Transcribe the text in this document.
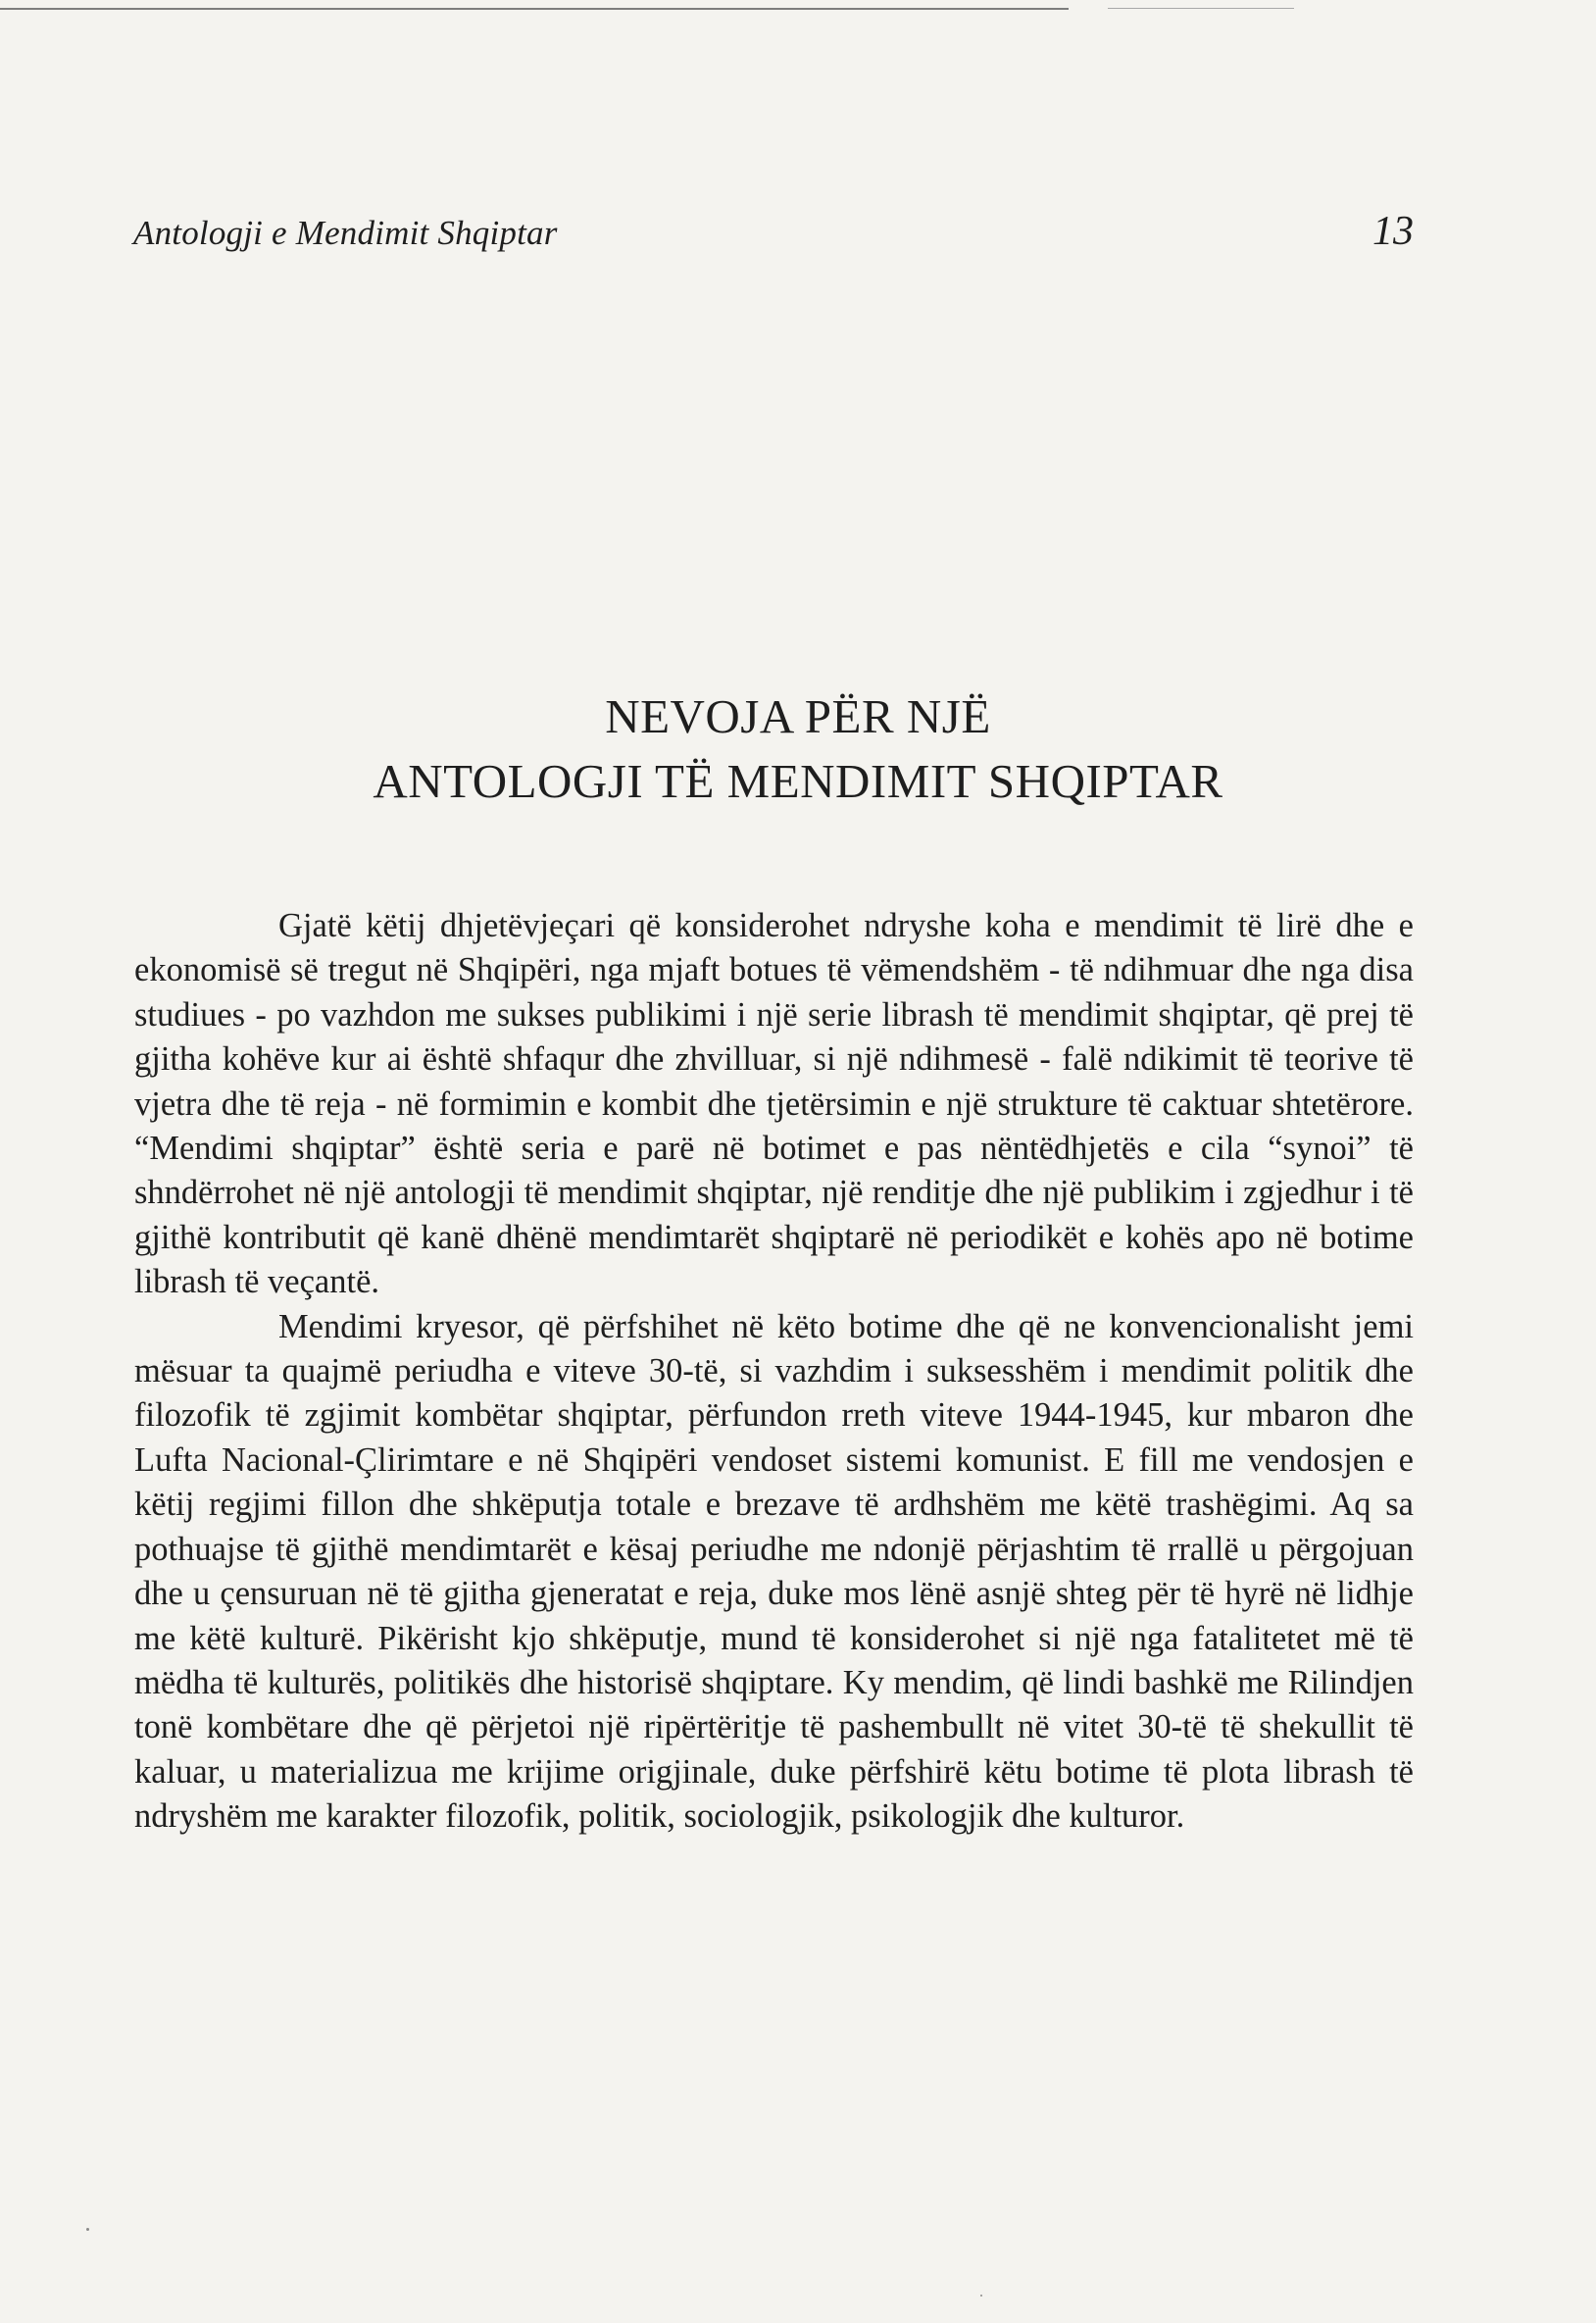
Antologji e Mendimit Shqiptar	13
NEVOJA PËR NJË
ANTOLOGJI TË MENDIMIT SHQIPTAR

Gjatë këtij dhjetëvjeçari që konsiderohet ndryshe koha e mendimit të lirë dhe e ekonomisë së tregut në Shqipëri, nga mjaft botues të vëmendshëm - të ndihmuar dhe nga disa studiues - po vazhdon me sukses publikimi i një serie librash të mendimit shqiptar, që prej të gjitha kohëve kur ai është shfaqur dhe zhvilluar, si një ndihmesë - falë ndikimit të teorive të vjetra dhe të reja - në formimin e kombit dhe tjetërsimin e një strukture të caktuar shtetërore. “Mendimi shqiptar” është seria e parë në botimet e pas nëntëdhjetës e cila “synoi” të shndërrohet në një antologji të mendimit shqiptar, një renditje dhe një publikim i zgjedhur i të gjithë kontributit që kanë dhënë mendimtarët shqiptarë në periodikët e kohës apo në botime librash të veçantë.

Mendimi kryesor, që përfshihet në këto botime dhe që ne konvencionalisht jemi mësuar ta quajmë periudha e viteve 30-të, si vazhdim i suksesshëm i mendimit politik dhe filozofik të zgjimit kombëtar shqiptar, përfundon rreth viteve 1944-1945, kur mbaron dhe Lufta Nacional-Çlirimtare e në Shqipëri vendoset sistemi komunist. E fill me vendosjen e këtij regjimi fillon dhe shkëputja totale e brezave të ardhshëm me këtë trashëgimi. Aq sa pothuajse të gjithë mendimtarët e kësaj periudhe me ndonjë përjashtim të rrallë u përgojuan dhe u çensuruan në të gjitha gjeneratat e reja, duke mos lënë asnjë shteg për të hyrë në lidhje me këtë kulturë. Pikërisht kjo shkëputje, mund të konsiderohet si një nga fatalitetet më të mëdha të kulturës, politikës dhe historisë shqiptare. Ky mendim, që lindi bashkë me Rilindjen tonë kombëtare dhe që përjetoi një ripërtëritje të pashembullt në vitet 30-të të shekullit të kaluar, u materializua me krijime origjinale, duke përfshirë këtu botime të plota librash të ndryshëm me karakter filozofik, politik, sociologjik, psikologjik dhe kulturor.
